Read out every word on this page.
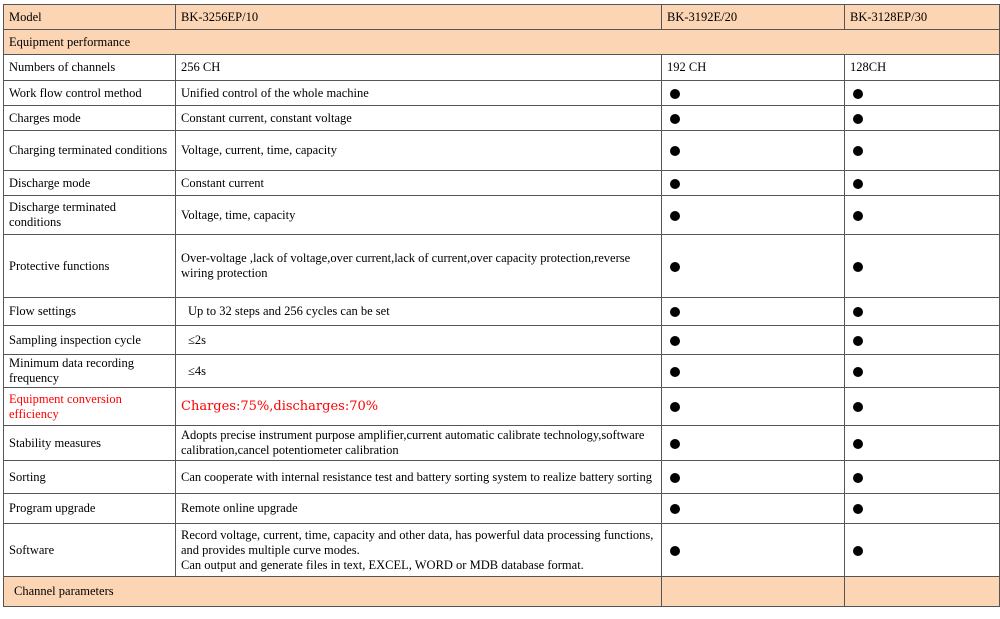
Model	BK-3256EP/10	BK-3192E/20	BK-3128EP/30
Equipment performance			
Numbers of channels	256 CH	192 CH	128CH
Work flow control method	Unified control of the whole machine		
Charges mode	Constant current, constant voltage		
Charging terminated conditions	Voltage, current, time, capacity		
Discharge mode	Constant current		
Discharge terminated conditions	Voltage, time, capacity		
Protective functions	Over-voltage ,lack of voltage,over current,lack of current,over capacity protection,reverse wiring protection		
Flow settings	Up to 32 steps and 256 cycles can be set		
Sampling inspection cycle	≤2s		
Minimum data recording frequency	≤4s		
Equipment conversion efficiency	Charges:75%,discharges:70%		
Stability measures	Adopts precise instrument purpose amplifier,current automatic calibrate technology,software calibration,cancel potentiometer calibration		
Sorting	Can cooperate with internal resistance test and battery sorting system to realize battery sorting		
Program upgrade	Remote online upgrade		
Software	Record voltage, current, time, capacity and other data, has powerful data processing functions, and provides multiple curve modes.
Can output and generate files in text, EXCEL, WORD or MDB database format.		

Channel parameters			
